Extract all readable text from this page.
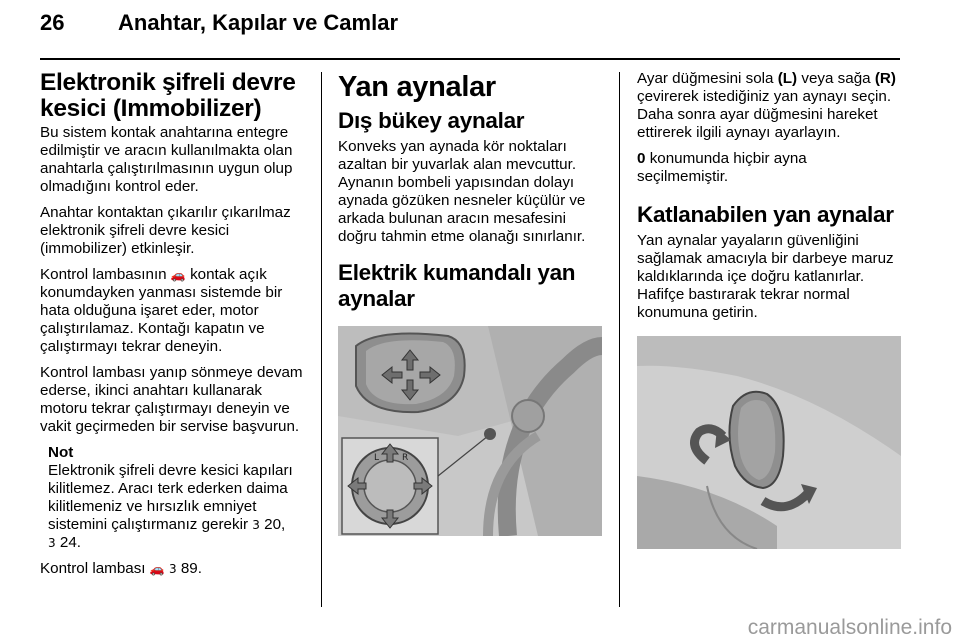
26 Anahtar, Kapılar ve Camlar
Elektronik şifreli devre kesici (Immobilizer)

Bu sistem kontak anahtarına entegre edilmiştir ve aracın kullanılmakta olan anahtarla çalıştırılmasının uygun olup olmadığını kontrol eder.

Anahtar kontaktan çıkarılır çıkarılmaz elektronik şifreli devre kesici (immobilizer) etkinleşir.

Kontrol lambasının 🚗 kontak açık konumdayken yanması sistemde bir hata olduğuna işaret eder, motor çalıştırılamaz. Kontağı kapatın ve çalıştırmayı tekrar deneyin.

Kontrol lambası yanıp sönmeye devam ederse, ikinci anahtarı kullanarak motoru tekrar çalıştırmayı deneyin ve vakit geçirmeden bir servise başvurun.

Not
Elektronik şifreli devre kesici kapıları kilitlemez. Aracı terk ederken daima kilitlemeniz ve hırsızlık emniyet sistemini çalıştırmanız gerekir 3 20,
3 24.

Kontrol lambası 🚗 3 89.

Yan aynalar
Dış bükey aynalar

Konveks yan aynada kör noktaları azaltan bir yuvarlak alan mevcuttur. Aynanın bombeli yapısından dolayı aynada gözüken nesneler küçülür ve arkada bulunan aracın mesafesini doğru tahmin etme olanağı sınırlanır.

Elektrik kumandalı yan aynalar
L	R

Ayar düğmesini sola (L) veya sağa (R) çevirerek istediğiniz yan aynayı seçin. Daha sonra ayar düğmesini hareket ettirerek ilgili aynayı ayarlayın.

0 konumunda hiçbir ayna seçilmemiştir.

Katlanabilen yan aynalar

Yan aynalar yayaların güvenliğini sağlamak amacıyla bir darbeye maruz kaldıklarında içe doğru katlanırlar. Hafifçe bastırarak tekrar normal konumuna getirin.

carmanualsonline.info
